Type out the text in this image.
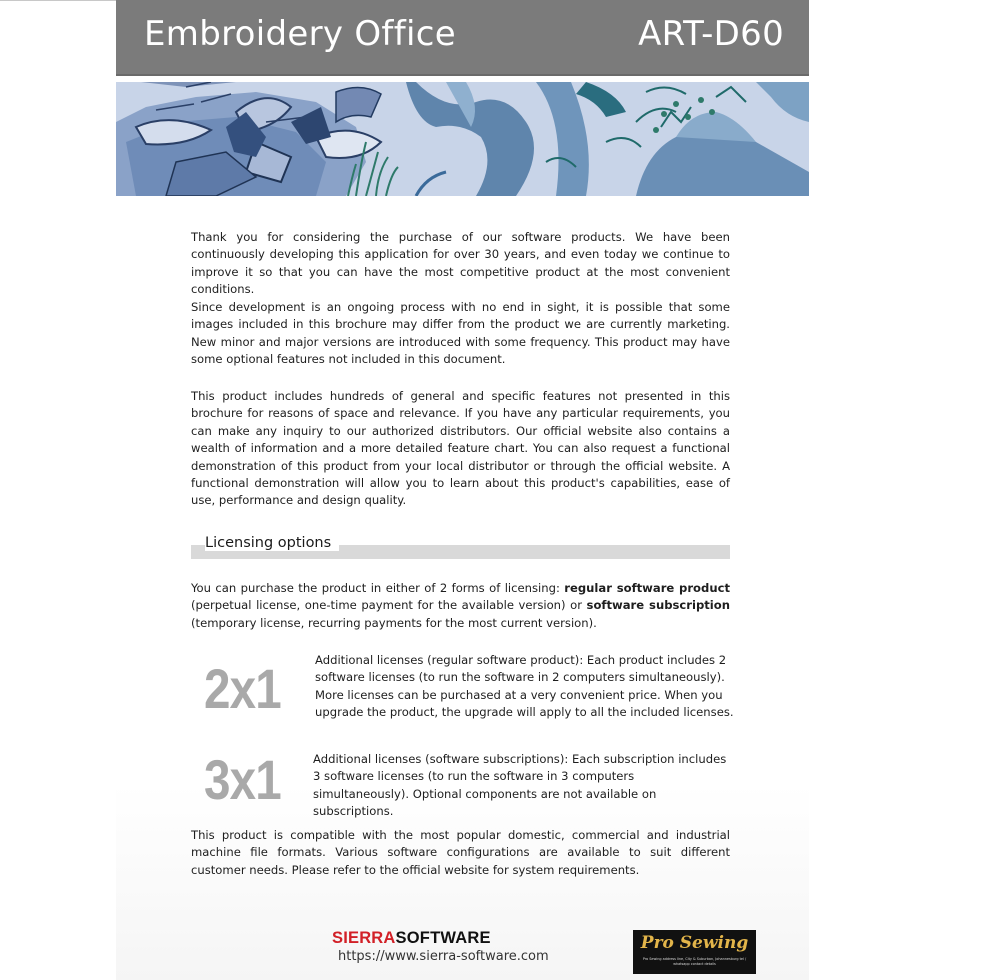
Embroidery Office	ART-D60
Thank you for considering the purchase of our software products. We have been continuously developing this application for over 30 years, and even today we continue to improve it so that you can have the most competitive product at the most convenient conditions.
Since development is an ongoing process with no end in sight, it is possible that some images included in this brochure may differ from the product we are currently marketing. New minor and major versions are introduced with some frequency. This product may have some optional features not included in this document.
This product includes hundreds of general and specific features not presented in this brochure for reasons of space and relevance. If you have any particular requirements, you can make any inquiry to our authorized distributors. Our official website also contains a wealth of information and a more detailed feature chart. You can also request a functional demonstration of this product from your local distributor or through the official website. A functional demonstration will allow you to learn about this product's capabilities, ease of use, performance and design quality.
Licensing options
You can purchase the product in either of 2 forms of licensing: regular software product (perpetual license, one-time payment for the available version) or software subscription (temporary license, recurring payments for the most current version).
2x1	Additional licenses (regular software product): Each product includes 2 software licenses (to run the software in 2 computers simultaneously). More licenses can be purchased at a very convenient price. When you upgrade the product, the upgrade will apply to all the included licenses.
3x1	Additional licenses (software subscriptions): Each subscription includes 3 software licenses (to run the software in 3 computers simultaneously). Optional components are not available on subscriptions.
This product is compatible with the most popular domestic, commercial and industrial machine file formats. Various software configurations are available to suit different customer needs. Please refer to the official website for system requirements.
SIERRASOFTWARE
https://www.sierra-software.com
Pro Sewing
Pro Sewing address line, City & Suburban, Johannesburg tel / whatsapp contact details
